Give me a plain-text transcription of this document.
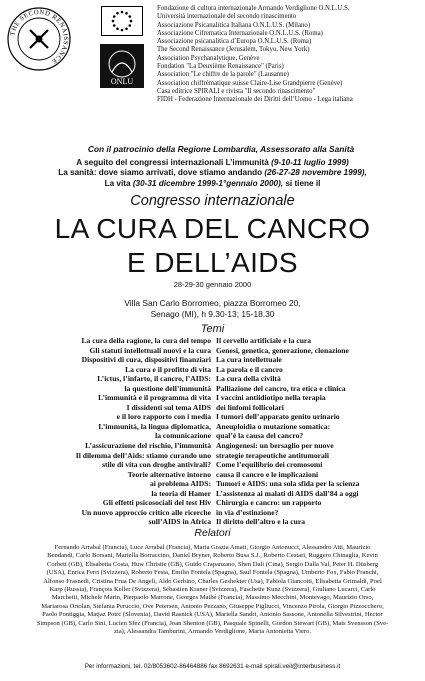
THE SECOND RENAISSANCE
ONLU
Fondazione di cultura internazionale Armando Verdiglione O.N.L.U.S.
Università internazionale del secondo rinascimento
Associazione Psicanalitica Italiana O.N.L.U.S. (Milano)
Associazione Cifrematica Internazionale O.N.L.U.S. (Roma)
Associazione psicanalitica d’Europa O.N.L.U.S. (Roma)
The Second Renaissance (Jerusalem, Tokyo, New York)
Association Psychanalytique, Genève
Fondation "La Deuxième Renaissance" (Paris)
Association "Le chiffre de la parole" (Lausanne)
Association chiffrématique suisse Claire-Lise Grandpierre (Genève)
Casa editrice SPIRALI e rivista "Il secondo rinascimento"
FIDH - Federazione Internazionale dei Diritti dell’Uomo - Lega italiana
Con il patrocinio della Regione Lombardia, Assessorato alla Sanità
A seguito del congressi internazionali L’immunità (9-10-11 luglio 1999)
La sanità: dove siamo arrivati, dove stiamo andando (26-27-28 novembre 1999),
La vita (30-31 dicembre 1999-1°gennaio 2000), si tiene il
Congresso internazionale
LA CURA DEL CANCRO
E DELL’AIDS
28-29-30 gennaio 2000
Villa San Carlo Borromeo, piazza Borromeo 20,
Senago (MI), h 9.30-13; 15-18.30
Temi
La cura della ragione, la cura del tempo
Gli statuti intellettuali nuovi e la cura
Dispositivi di cura, dispositivi finanziari
La cura e il profitto di vita
L’ictus, l’infarto, il cancro, l’AIDS:
la questione dell’immunità
L’immunità e il programma di vita
I dissidenti sul tema AIDS
e il loro rapporto con i media
L’immunità, la lingua diplomatica,
la comunicazione
L’assicurazione del rischio, l’immunità
Il dilemma dell’Aids: stiamo curando uno
stile di vita con droghe antivirali?
Teorie alternative intorno
ai problema AIDS:
la teoria di Hamer
Gli effetti psicosociali del test Hiv
Un nuovo approccio critico alle ricerche
sull’AIDS in Africa
Il cervello artificiale e la cura
Genesi, genetica, generazione, clonazione
La cura intellettuale
La parola e il cancro
La cura della civiltà
Palliazione del cancro, tra etica e clinica
I vaccini antiidiotipo nella terapia
dei linfomi follicolari
I tumori dell’apparato genito urinario
Aneuploidia o mutazione somatica:
qual’è la causa del cancro?
Angiogenesi: un bersaglio per nuove
strategie terapeutiche antitumorali
Come l’equilibrio dei cromosomi
causa il cancro e le implicazioni
Tumori e AIDS: una sola sfida per la scienza
L’assistenza ai malati di AIDS dall’84 a oggi
Chirurgia e cancro: un rapporto
in via d’estinzione?
Il diritto dell’altro e la cura
Relatori
Fernando Arrabal (Francia), Luce Arrabal (Francia), Maria Grazia Amati, Giorgio Antonucci, Alessandro Atti, Maurizio
Bendandi, Carlo Borsani, Mariella Borraccino, Daniel Bryner, Roberto Busa S.J., Roberto Cestari, Ruggero Chinaglia, Kevin
Corbett (GB), Elisabetta Costa, Huw Christie (GB), Guido Crapanzano, Shen Dali (Cina), Sergio Dalla Val, Peter H. Düsberg
(USA), Enrica Ferri (Svizzera), Roberto Festa, Emilio Fontela (Spagna), Saul Fontela (Spagna), Umberto Fox, Fabio Franchi,
Alfonso Frasnedi, Cristina Frua De Angeli, Aldo Gerbino, Charles Geshekter (Usa), Fabiola Giancotti, Elisabetta Grimaldi, Poel
Karp (Russia), François Keller (Svizzera), Sébastien Kraner (Svizzera), Faschette Kunz (Svizzera), Giuliano Lucarci, Carlo
Marchetti, Michele Marin, Pierpaolo Marrone, Georges Mathé (Francia), Massimo Mecchini, Montevago, Maurizio Orso,
Mariarosa Ortolan, Stefania Peruccio, Ove Petersen, Antonio Pezzano, Giuseppe Pigliucci, Vincenzo Pirola, Giorgio Pizzocchero,
Paolo Pontiggia, Matjaz Potrc (Slovenia), David Rasnick (USA), Mariella Sandri, Antonio Sassone, Antonella Silvestrini, Hector
Simpson (GB), Carlo Sini, Lucien Sfez (Francia), Joan Shenton (GB), Pasquale Spinelli, Gordon Stewart (GB), Mats Svensson (Sve-
zia), Alessandra Tamburini, Armando Verdiglione, Maria Antonietta Viero.
Per informazioni, tel. 02/8053602-86464886 fax 8692631 e-mail spirali.veil@interbusiness.it
